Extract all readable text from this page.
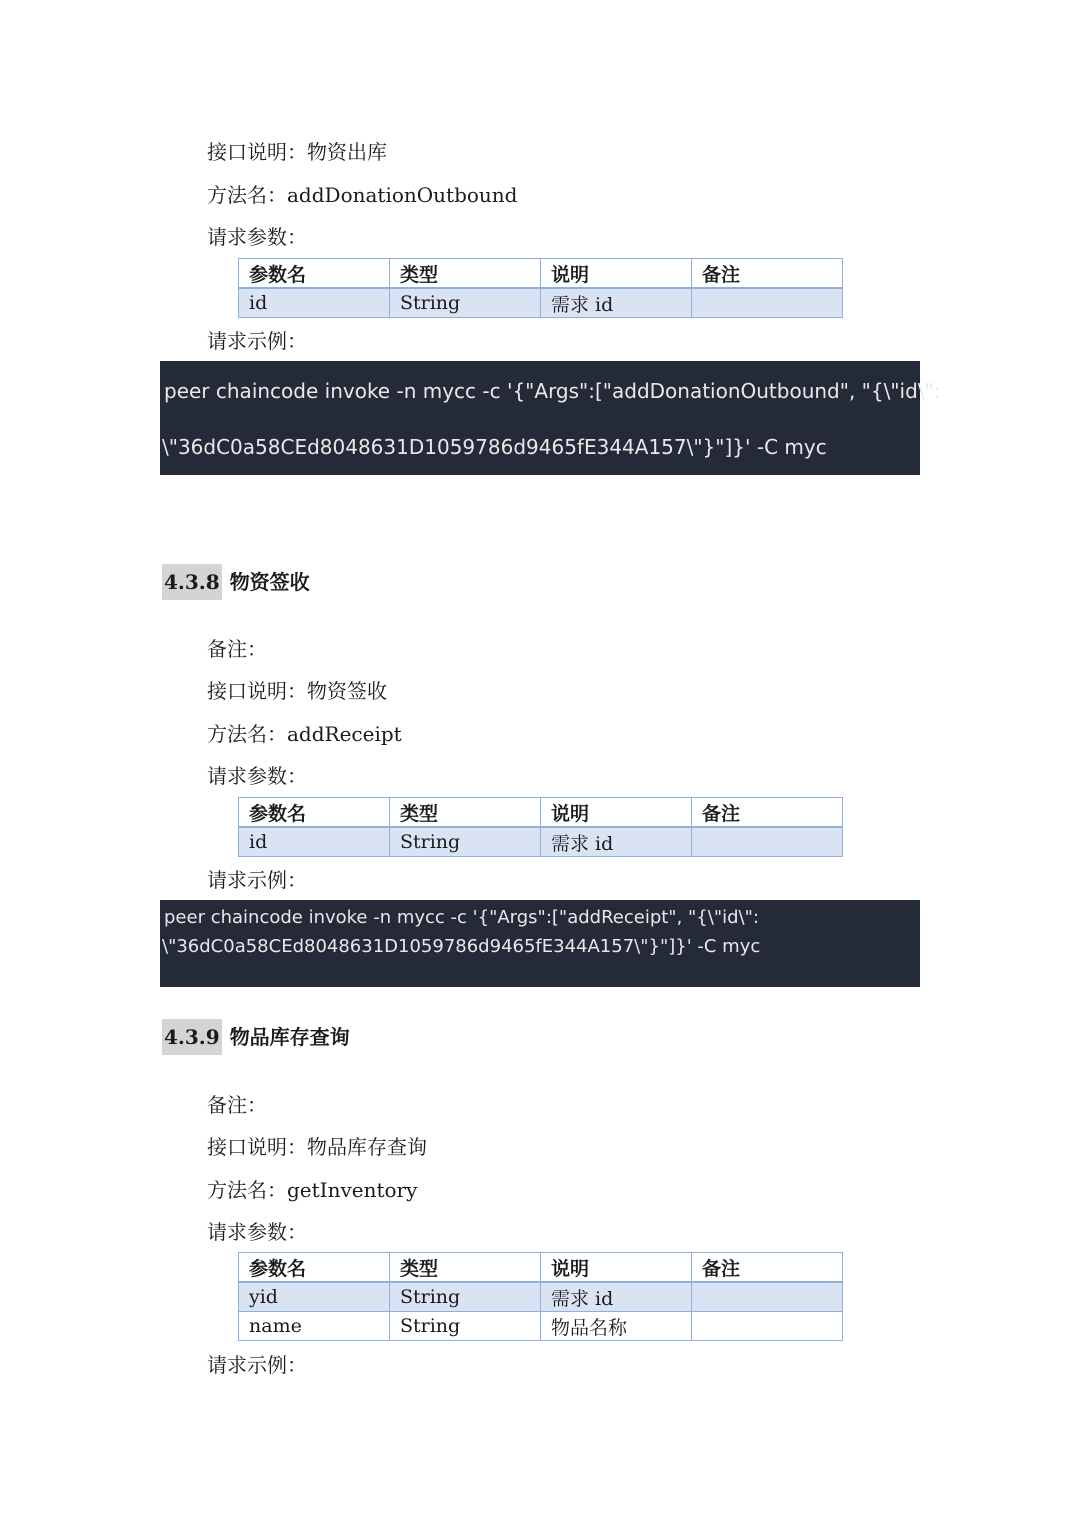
接口说明：物资出库
方法名：addDonationOutbound
请求参数：
参数名	类型	说明	备注
id	String	需求 id	
请求示例：
peer chaincode invoke -n mycc -c '{"Args":["addDonationOutbound", "{\"id\":
\"36dC0a58CEd8048631D1059786d9465fE344A157\"}"]}' -C myc
4.3.8 物资签收
备注：
接口说明：物资签收
方法名：addReceipt
请求参数：
参数名	类型	说明	备注
id	String	需求 id	
请求示例：
peer chaincode invoke -n mycc -c '{"Args":["addReceipt", "{\"id\":
\"36dC0a58CEd8048631D1059786d9465fE344A157\"}"]}' -C myc
4.3.9 物品库存查询
备注：
接口说明：物品库存查询
方法名：getInventory
请求参数：
参数名	类型	说明	备注
yid	String	需求 id	
name	String	物品名称	
请求示例：
